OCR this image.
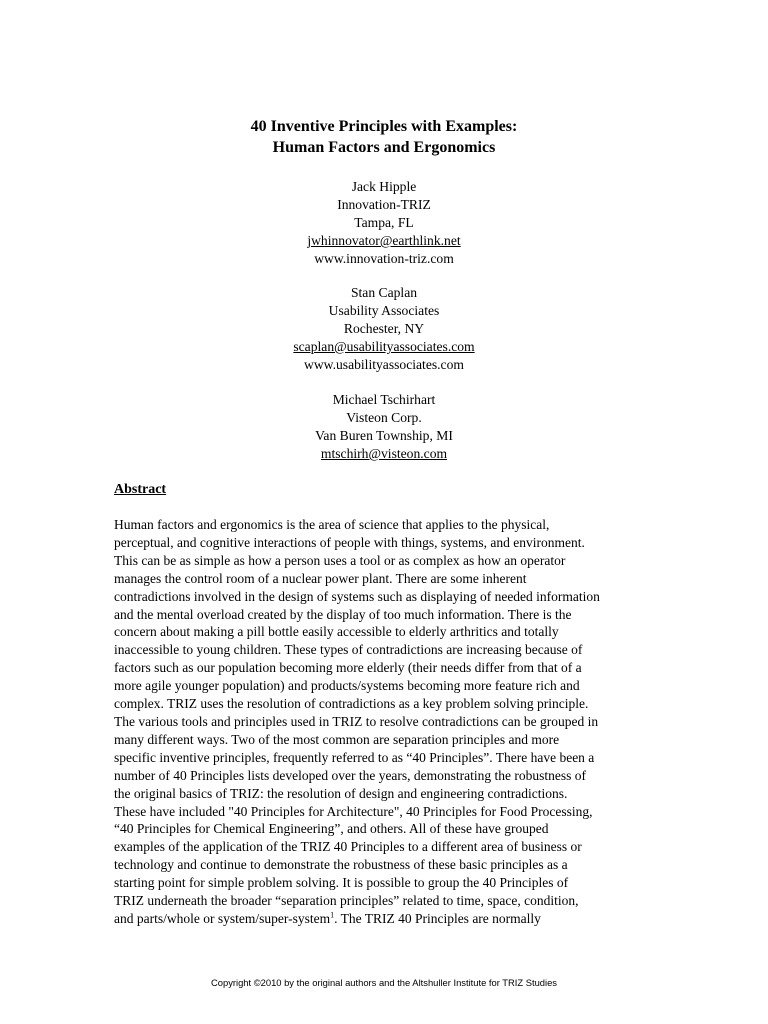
40 Inventive Principles with Examples:
Human Factors and Ergonomics
Jack Hipple
Innovation-TRIZ
Tampa, FL
jwhinnovator@earthlink.net
www.innovation-triz.com
Stan Caplan
Usability Associates
Rochester, NY
scaplan@usabilityassociates.com
www.usabilityassociates.com
Michael Tschirhart
Visteon Corp.
Van Buren Township, MI
mtschirh@visteon.com
Abstract
Human factors and ergonomics is the area of science that applies to the physical,
perceptual, and cognitive interactions of people with things, systems, and environment.
This can be as simple as how a person uses a tool or as complex as how an operator
manages the control room of a nuclear power plant. There are some inherent
contradictions involved in the design of systems such as displaying of needed information
and the mental overload created by the display of too much information. There is the
concern about making a pill bottle easily accessible to elderly arthritics and totally
inaccessible to young children. These types of contradictions are increasing because of
factors such as our population becoming more elderly (their needs differ from that of a
more agile younger population) and products/systems becoming more feature rich and
complex. TRIZ uses the resolution of contradictions as a key problem solving principle.
The various tools and principles used in TRIZ to resolve contradictions can be grouped in
many different ways. Two of the most common are separation principles and more
specific inventive principles, frequently referred to as “40 Principles”. There have been a
number of 40 Principles lists developed over the years, demonstrating the robustness of
the original basics of TRIZ: the resolution of design and engineering contradictions.
These have included "40 Principles for Architecture", 40 Principles for Food Processing,
“40 Principles for Chemical Engineering”, and others. All of these have grouped
examples of the application of the TRIZ 40 Principles to a different area of business or
technology and continue to demonstrate the robustness of these basic principles as a
starting point for simple problem solving. It is possible to group the 40 Principles of
TRIZ underneath the broader “separation principles” related to time, space, condition,
and parts/whole or system/super-system$^1$. The TRIZ 40 Principles are normally
Copyright ©2010 by the original authors and the Altshuller Institute for TRIZ Studies
